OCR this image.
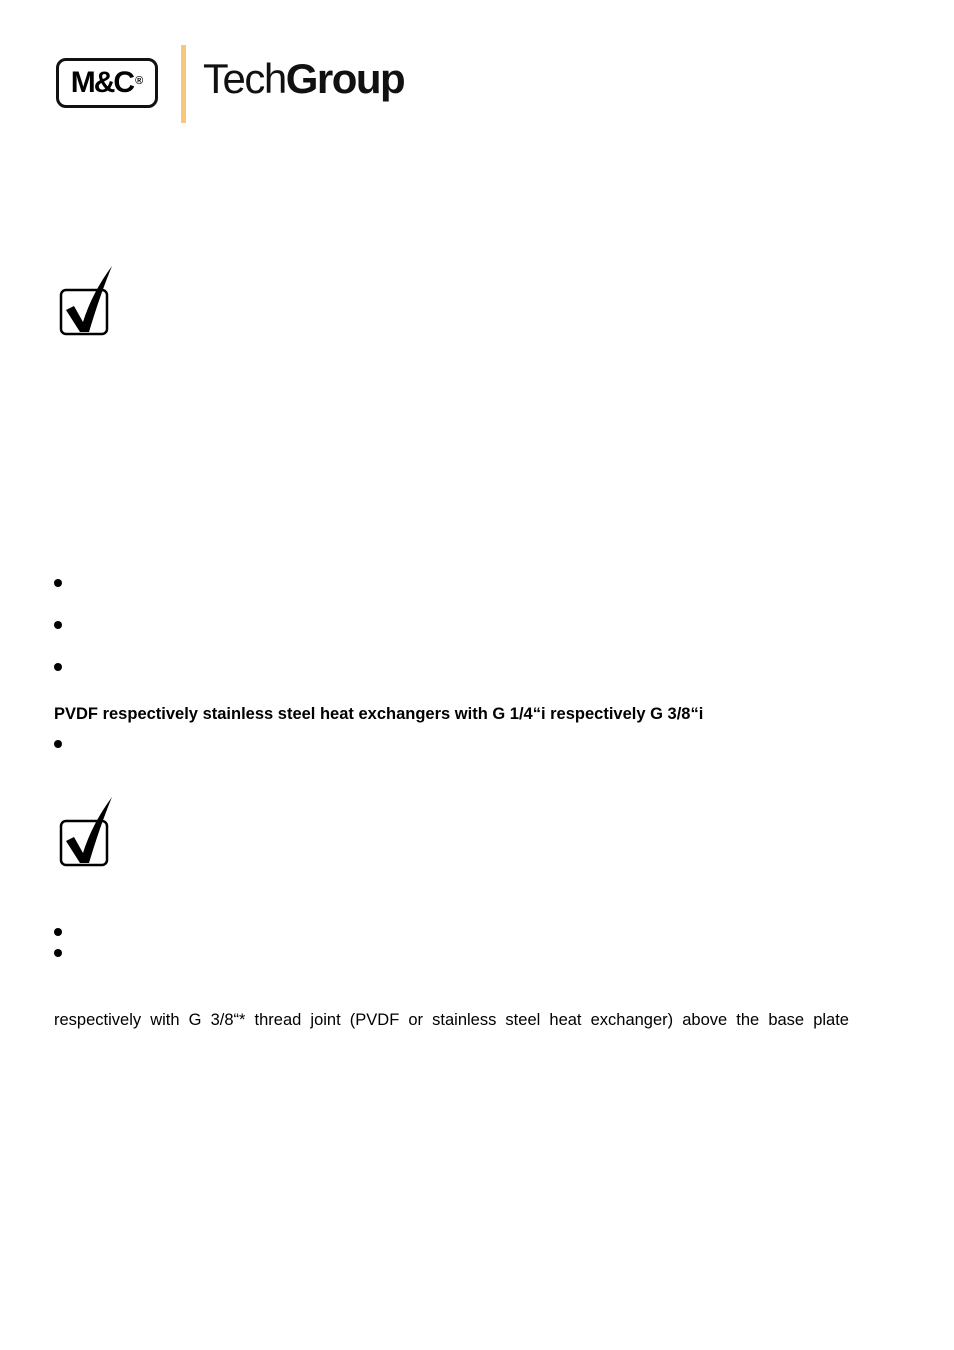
M&C ® TechGroup
PVDF respectively stainless steel heat exchangers with G 1/4“i respectively G 3/8“i
respectively with G 3/8“* thread joint (PVDF or stainless steel heat exchanger) above the base plate
